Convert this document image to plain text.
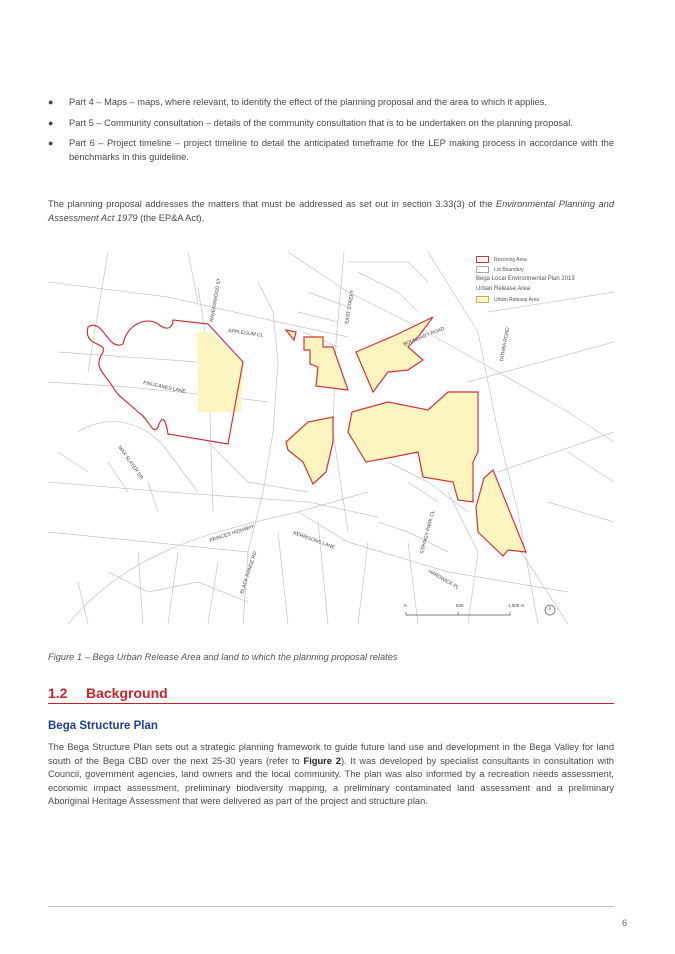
● Part 4 – Maps – maps, where relevant, to identify the effect of the planning proposal and the area to which it applies.
● Part 5 – Community consultation – details of the community consultation that is to be undertaken on the planning proposal.
● Part 6 – Project timeline – project timeline to detail the anticipated timeframe for the LEP making process in accordance with the benchmarks in this guideline.

The planning proposal addresses the matters that must be addressed as set out in section 3.33(3) of the Environmental Planning and Assessment Act 1979 (the EP&A Act).

RAVENSWOOD ST
APPLEGUM CL
EAST STREET
BOUNDARY ROAD	TATHRA ROAD
FINUCANES LANE
MAX SLATER DR
PRINCES HIGHWAY	KERRISONS LANE
BLACK RANGE RD
STRINGY PARK CL
HARDWICK PL
0	500	1,000 m
Rezoning Area
Lot Boundary
Bega Local Environmental Plan 2013
Urban Release Area
Urban Release Area
Figure 1 – Bega Urban Release Area and land to which the planning proposal relates
1.2 Background
Bega Structure Plan

The Bega Structure Plan sets out a strategic planning framework to guide future land use and development in the Bega Valley for land south of the Bega CBD over the next 25-30 years (refer to Figure 2). It was developed by specialist consultants in consultation with Council, government agencies, land owners and the local community. The plan was also informed by a recreation needs assessment, economic impact assessment, preliminary biodiversity mapping, a preliminary contaminated land assessment and a preliminary Aboriginal Heritage Assessment that were delivered as part of the project and structure plan.

6
